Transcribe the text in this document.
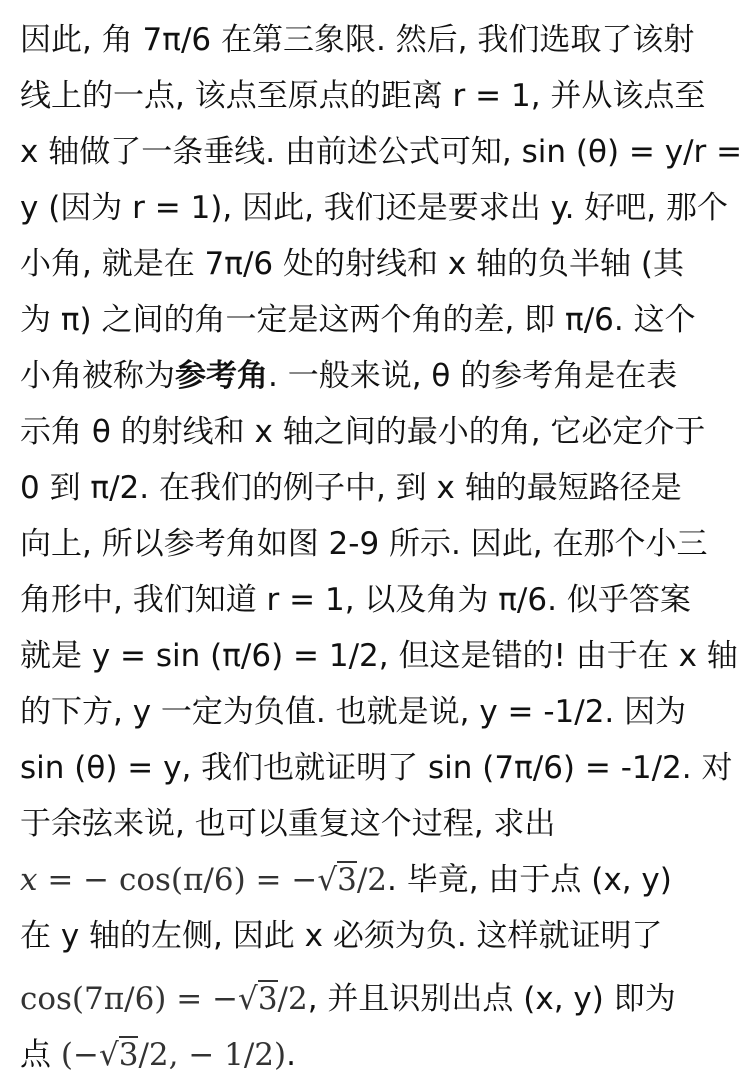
因此, 角 7π/6 在第三象限. 然后, 我们选取了该射
线上的一点, 该点至原点的距离 r = 1, 并从该点至
x 轴做了一条垂线. 由前述公式可知, sin (θ) = y/r =
y (因为 r = 1), 因此, 我们还是要求出 y. 好吧, 那个
小角, 就是在 7π/6 处的射线和 x 轴的负半轴 (其
为 π) 之间的角一定是这两个角的差, 即 π/6. 这个
小角被称为参考角. 一般来说, θ 的参考角是在表
示角 θ 的射线和 x 轴之间的最小的角, 它必定介于
0 到 π/2. 在我们的例子中, 到 x 轴的最短路径是
向上, 所以参考角如图 2-9 所示. 因此, 在那个小三
角形中, 我们知道 r = 1, 以及角为 π/6. 似乎答案
就是 y = sin (π/6) = 1/2, 但这是错的! 由于在 x 轴
的下方, y 一定为负值. 也就是说, y = -1/2. 因为
sin (θ) = y, 我们也就证明了 sin (7π/6) = -1/2. 对
于余弦来说, 也可以重复这个过程, 求出
x = − cos(π/6) = −√3/2. 毕竟, 由于点 (x, y)
在 y 轴的左侧, 因此 x 必须为负. 这样就证明了
cos(7π/6) = −√3/2, 并且识别出点 (x, y) 即为
点 (−√3/2, − 1/2).
